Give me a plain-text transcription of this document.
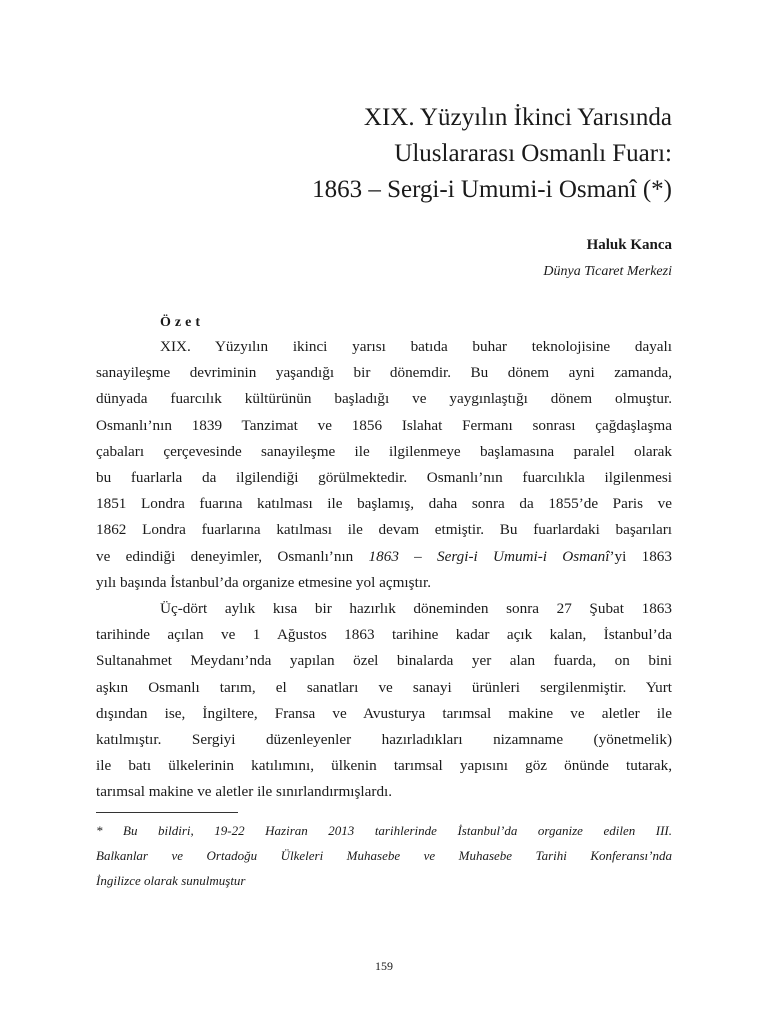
XIX. Yüzyılın İkinci Yarısında
Uluslararası Osmanlı Fuarı:
1863 – Sergi-i Umumi-i Osmanî (*)
Haluk Kanca
Dünya Ticaret Merkezi
Özet

XIX. Yüzyılın ikinci yarısı batıda buhar teknolojisine dayalı
sanayileşme devriminin yaşandığı bir dönemdir. Bu dönem ayni zamanda,
dünyada fuarcılık kültürünün başladığı ve yaygınlaştığı dönem olmuştur.
Osmanlı’nın 1839 Tanzimat ve 1856 Islahat Fermanı sonrası çağdaşlaşma
çabaları çerçevesinde sanayileşme ile ilgilenmeye başlamasına paralel olarak
bu fuarlarla da ilgilendiği görülmektedir. Osmanlı’nın fuarcılıkla ilgilenmesi
1851 Londra fuarına katılması ile başlamış, daha sonra da 1855’de Paris ve
1862 Londra fuarlarına katılması ile devam etmiştir. Bu fuarlardaki başarıları
ve edindiği deneyimler, Osmanlı’nın 1863 – Sergi-i Umumi-i Osmanî’yi 1863
yılı başında İstanbul’da organize etmesine yol açmıştır.

Üç-dört aylık kısa bir hazırlık döneminden sonra 27 Şubat 1863
tarihinde açılan ve 1 Ağustos 1863 tarihine kadar açık kalan, İstanbul’da
Sultanahmet Meydanı’nda yapılan özel binalarda yer alan fuarda, on bini
aşkın Osmanlı tarım, el sanatları ve sanayi ürünleri sergilenmiştir. Yurt
dışından ise, İngiltere, Fransa ve Avusturya tarımsal makine ve aletler ile
katılmıştır. Sergiyi düzenleyenler hazırladıkları nizamname (yönetmelik)
ile batı ülkelerinin katılımını, ülkenin tarımsal yapısını göz önünde tutarak,
tarımsal makine ve aletler ile sınırlandırmışlardı.

* Bu bildiri, 19-22 Haziran 2013 tarihlerinde İstanbul’da organize edilen III.
Balkanlar ve Ortadoğu Ülkeleri Muhasebe ve Muhasebe Tarihi Konferansı’nda
İngilizce olarak sunulmuştur
159
